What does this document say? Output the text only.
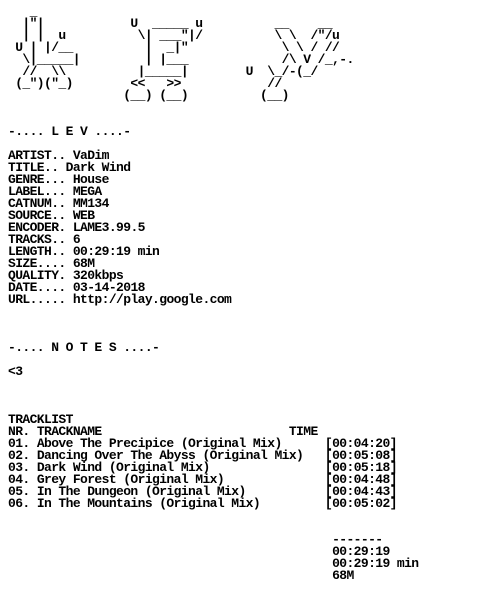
_
|"|            U  _____ u          __    __
| |  u          \| ___"|/          \ \  /"/u
U | |/__          |  _|"             \ \ / //
\|_____|         | |___             /\ V /_,-.
//  \\          |_____|        U  \_/-(_/
(_")("_)        <<   >>            //
(__) (__)          (__)

-.... L E V ....-

ARTIST.. VaDim
TITLE.. Dark Wind
GENRE... House
LABEL... MEGA
CATNUM.. MM134
SOURCE.. WEB
ENCODER. LAME3.99.5
TRACKS.. 6
LENGTH.. 00:29:19 min
SIZE.... 68M
QUALITY. 320kbps
DATE.... 03-14-2018
URL..... http://play.google.com

-.... N O T E S ....-

<3

TRACKLIST
NR. TRACKNAME	TIME
01. Above The Precipice (Original Mix)	[00:04:20]
02. Dancing Over The Abyss (Original Mix) [00:05:08]
03. Dark Wind (Original Mix)	[00:05:18]
04. Grey Forest (Original Mix)	[00:04:48]
05. In The Dungeon (Original Mix)	[00:04:43]
06. In The Mountains (Original Mix)	[00:05:02]

-------
00:29:19
00:29:19 min
68M
